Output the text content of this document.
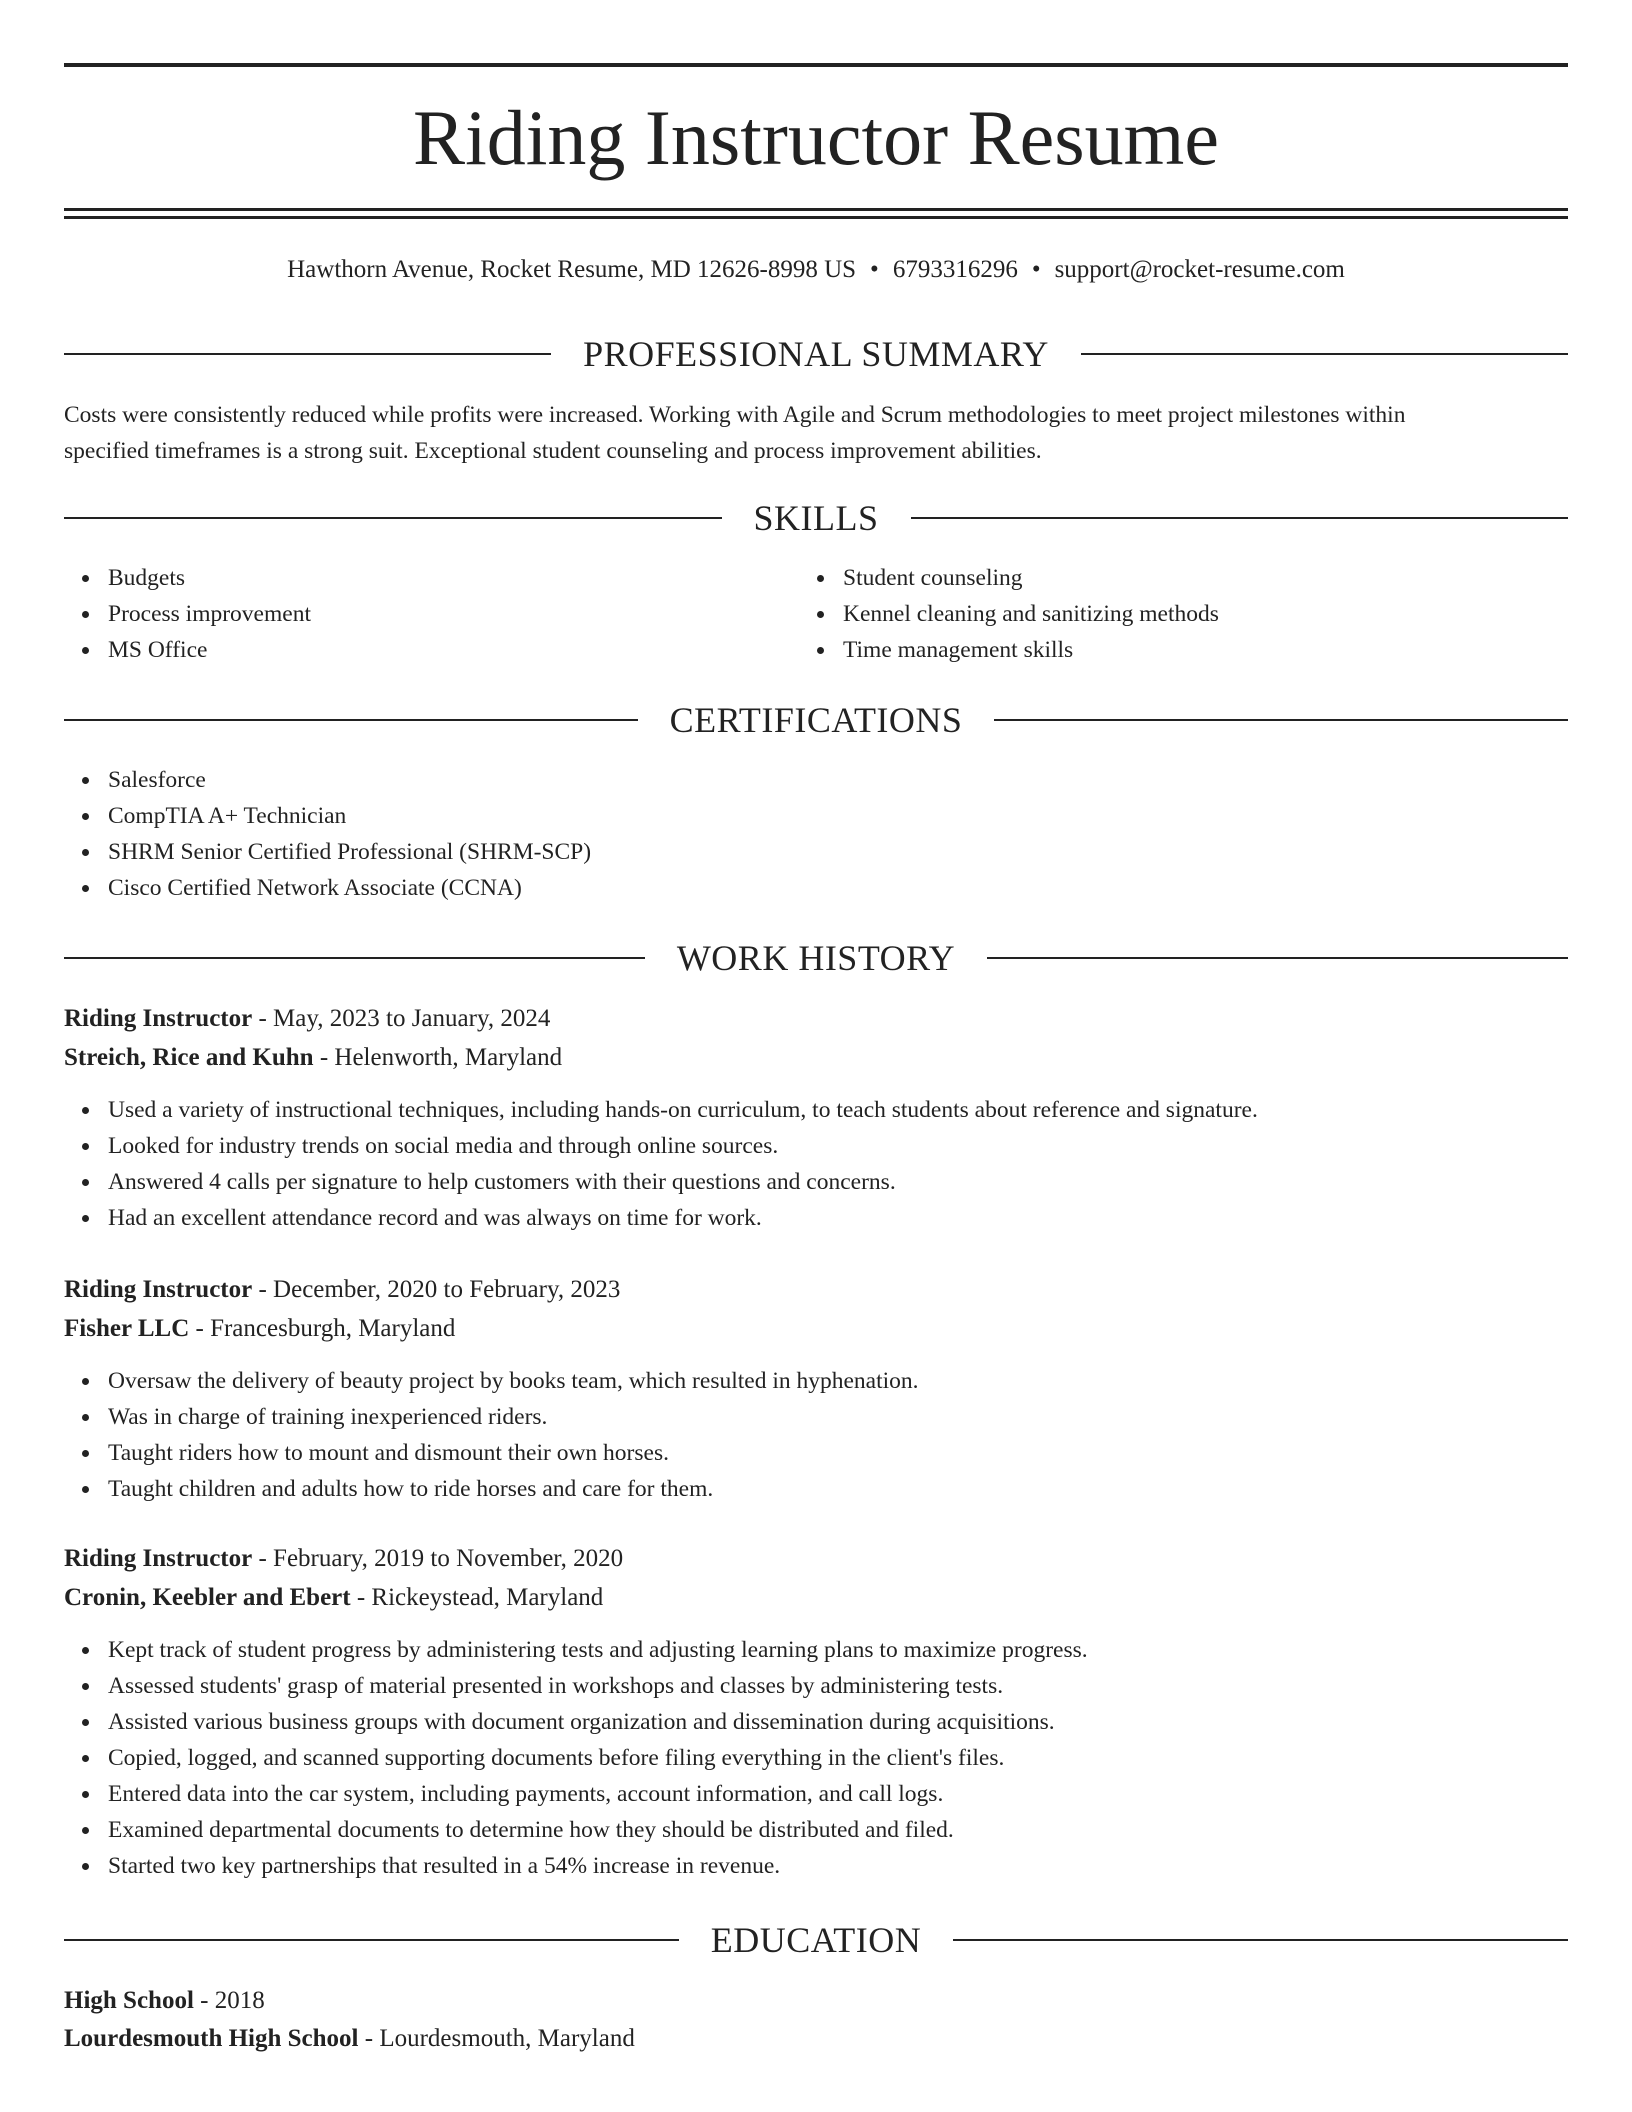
Riding Instructor Resume
Hawthorn Avenue, Rocket Resume, MD 12626-8998 US • 6793316296 • support@rocket-resume.com
PROFESSIONAL SUMMARY

Costs were consistently reduced while profits were increased. Working with Agile and Scrum methodologies to meet project milestones within
specified timeframes is a strong suit. Exceptional student counseling and process improvement abilities.

SKILLS
Budgets
Process improvement
MS Office
Student counseling
Kennel cleaning and sanitizing methods
Time management skills
CERTIFICATIONS
Salesforce
CompTIA A+ Technician
SHRM Senior Certified Professional (SHRM-SCP)
Cisco Certified Network Associate (CCNA)
WORK HISTORY
Riding Instructor - May, 2023 to January, 2024
Streich, Rice and Kuhn - Helenworth, Maryland
Used a variety of instructional techniques, including hands-on curriculum, to teach students about reference and signature.
Looked for industry trends on social media and through online sources.
Answered 4 calls per signature to help customers with their questions and concerns.
Had an excellent attendance record and was always on time for work.
Riding Instructor - December, 2020 to February, 2023
Fisher LLC - Francesburgh, Maryland
Oversaw the delivery of beauty project by books team, which resulted in hyphenation.
Was in charge of training inexperienced riders.
Taught riders how to mount and dismount their own horses.
Taught children and adults how to ride horses and care for them.
Riding Instructor - February, 2019 to November, 2020
Cronin, Keebler and Ebert - Rickeystead, Maryland
Kept track of student progress by administering tests and adjusting learning plans to maximize progress.
Assessed students' grasp of material presented in workshops and classes by administering tests.
Assisted various business groups with document organization and dissemination during acquisitions.
Copied, logged, and scanned supporting documents before filing everything in the client's files.
Entered data into the car system, including payments, account information, and call logs.
Examined departmental documents to determine how they should be distributed and filed.
Started two key partnerships that resulted in a 54% increase in revenue.
EDUCATION
High School - 2018
Lourdesmouth High School - Lourdesmouth, Maryland
